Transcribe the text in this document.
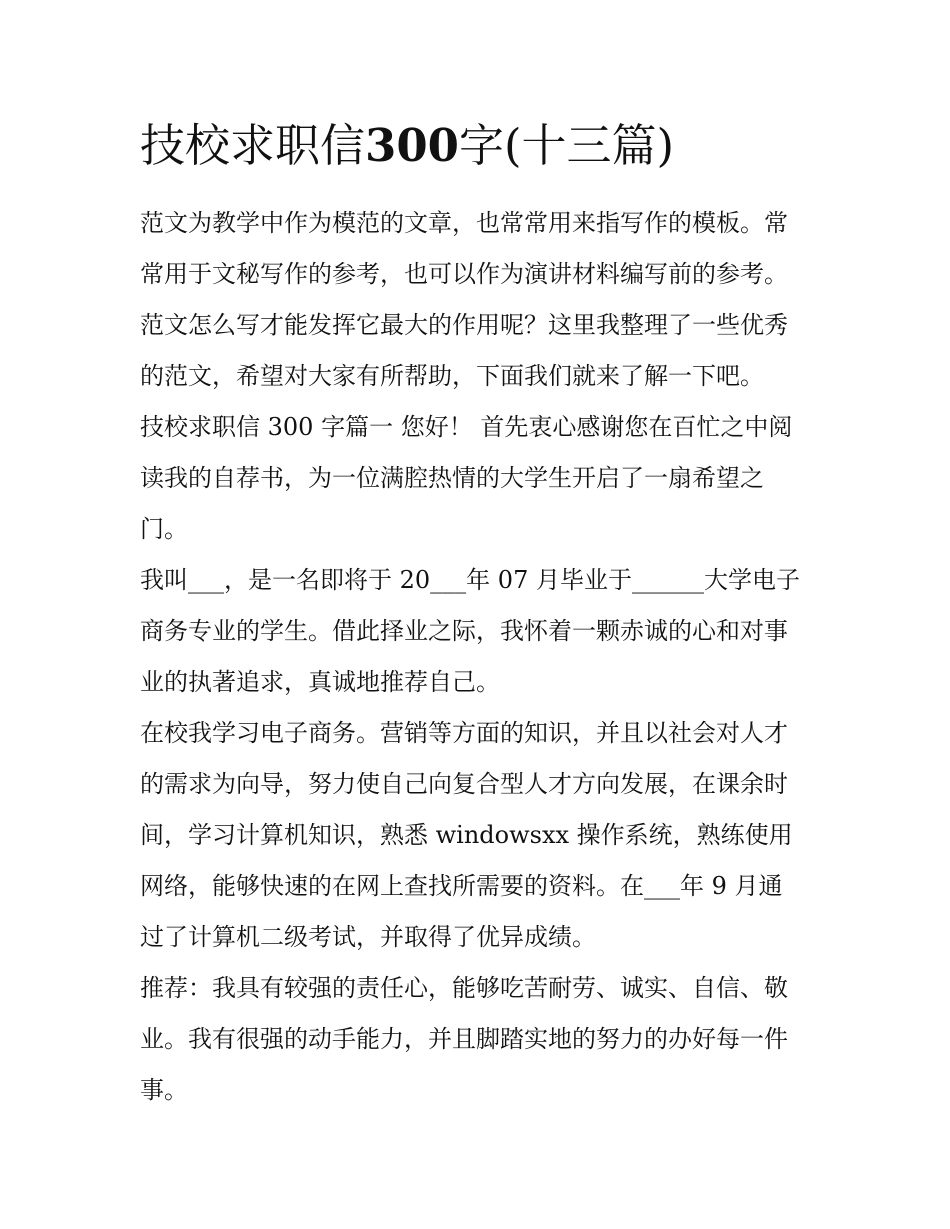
技校求职信300字(十三篇)
范文为教学中作为模范的文章，也常常用来指写作的模板。常
常用于文秘写作的参考，也可以作为演讲材料编写前的参考。
范文怎么写才能发挥它最大的作用呢？这里我整理了一些优秀
的范文，希望对大家有所帮助，下面我们就来了解一下吧。
技校求职信 300 字篇一 您好！ 首先衷心感谢您在百忙之中阅
读我的自荐书，为一位满腔热情的大学生开启了一扇希望之
门。
我叫___，是一名即将于 20___年 07 月毕业于______大学电子
商务专业的学生。借此择业之际，我怀着一颗赤诚的心和对事
业的执著追求，真诚地推荐自己。
在校我学习电子商务。营销等方面的知识，并且以社会对人才
的需求为向导，努力使自己向复合型人才方向发展，在课余时
间，学习计算机知识，熟悉 windowsxx 操作系统，熟练使用
网络，能够快速的在网上查找所需要的资料。在___年 9 月通
过了计算机二级考试，并取得了优异成绩。
推荐：我具有较强的责任心，能够吃苦耐劳、诚实、自信、敬
业。我有很强的动手能力，并且脚踏实地的努力的办好每一件
事。
